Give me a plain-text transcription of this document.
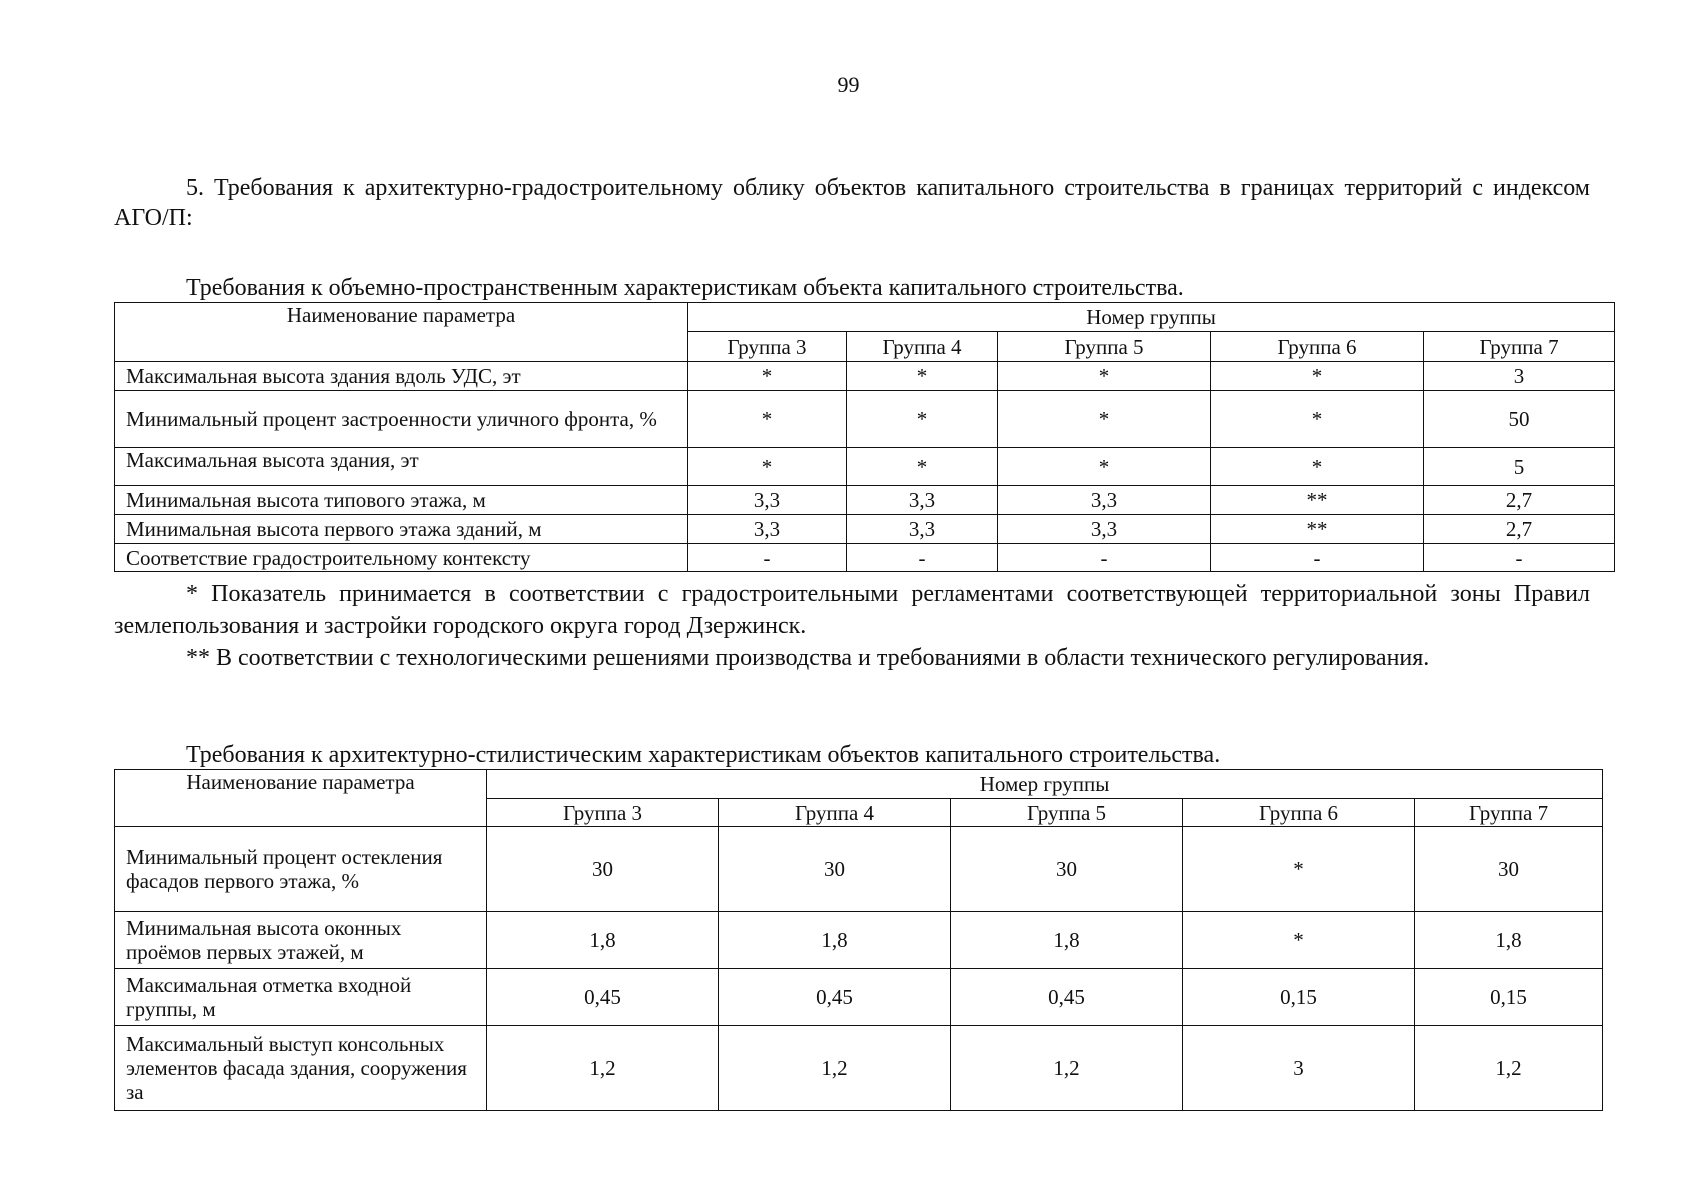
99
5. Требования к архитектурно-градостроительному облику объектов капитального строительства в границах территорий с индексом АГО/П:
Требования к объемно-пространственным характеристикам объекта капитального строительства.
Наименование параметра	Номер группы				
	Группа 3	Группа 4	Группа 5	Группа 6	Группа 7
Максимальная высота здания вдоль УДС, эт	*	*	*	*	3
Минимальный процент застроенности уличного фронта, %	*	*	*	*	50
Максимальная высота здания, эт	*	*	*	*	5
Минимальная высота типового этажа, м	3,3	3,3	3,3	**	2,7
Минимальная высота первого этажа зданий, м	3,3	3,3	3,3	**	2,7
Соответствие градостроительному контексту	-	-	-	-	-
* Показатель принимается в соответствии с градостроительными регламентами соответствующей территориальной зоны Правил землепользования и застройки городского округа город Дзержинск.
** В соответствии с технологическими решениями производства и требованиями в области технического регулирования.
Требования к архитектурно-стилистическим характеристикам объектов капитального строительства.
Наименование параметра	Номер группы				
	Группа 3	Группа 4	Группа 5	Группа 6	Группа 7
Минимальный процент остекления фасадов первого этажа, %	30	30	30	*	30
Минимальная высота оконных проёмов первых этажей, м	1,8	1,8	1,8	*	1,8
Максимальная отметка входной группы, м	0,45	0,45	0,45	0,15	0,15
Максимальный выступ консольных элементов фасада здания, сооружения за	1,2	1,2	1,2	3	1,2
